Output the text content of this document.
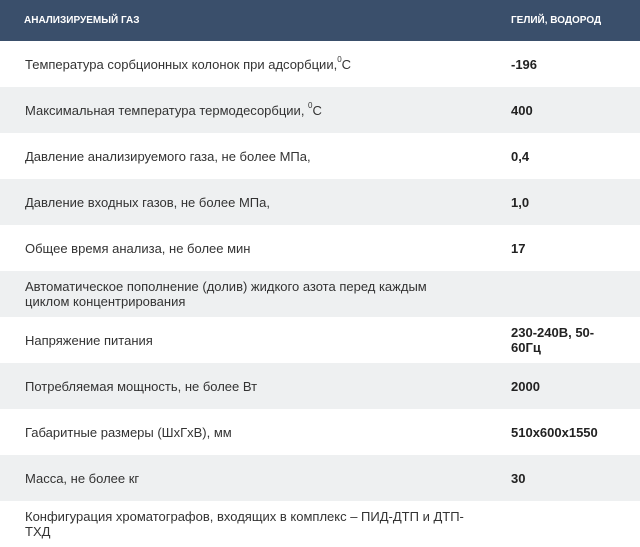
АНАЛИЗИРУЕМЫЙ ГАЗ	ГЕЛИЙ, ВОДОРОД
Температура сорбционных колонок при адсорбции,$^0$С	-196
Максимальная температура термодесорбции, $^0$С	400
Давление анализируемого газа, не более МПа,	0,4
Давление входных газов, не более МПа,	1,0
Общее время анализа, не более мин	17
Автоматическое пополнение (долив) жидкого азота перед каждым циклом концентрирования	
Напряжение питания	230-240В, 50-60Гц
Потребляемая мощность, не более Вт	2000
Габаритные размеры (ШхГхВ), мм	510х600х1550
Масса, не более кг	30
Конфигурация хроматографов, входящих в комплекс – ПИД-ДТП и ДТП-ТХД	
